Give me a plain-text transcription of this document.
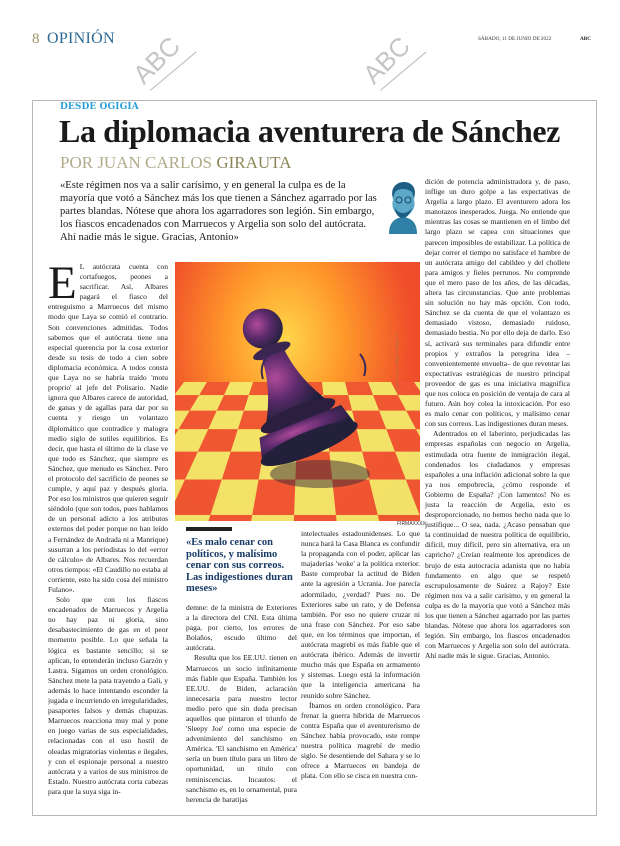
8 OPINIÓN	SÁBADO, 11 DE JUNIO DE 2022	ABC
DESDE OGIGIA
La diplomacia aventurera de Sánchez
POR JUAN CARLOS GIRAUTA
«Este régimen nos va a salir carísimo, y en general la culpa es de la mayoría que votó a Sánchez más los que tienen a Sánchez agarrado por las partes blandas. Nótese que ahora los agarradores son legión. Sin embargo, los fiascos encadenados con Marruecos y Argelia son solo del autócrata. Ahí nadie más le sigue. Gracias, Antonio»
E L autócrata cuenta con cortafuegos, peones a sacrificar. Así, Albares pagará el fiasco del entreguismo a Marruecos del mismo modo que Laya se comió el contrario. Son convenciones admitidas. Todos sabemos que el autócrata tiene una especial querencia por la cosa exterior desde su tesis de todo a cien sobre diplomacia económica. A todos consta que Laya no se habría traído 'motu proprio' al jefe del Polisario. Nadie ignora que Albares carece de autoridad, de ganas y de agallas para dar por su cuenta y riesgo un volantazo diplomático que contradice y malogra medio siglo de sutiles equilibrios. Es decir, que hasta el último de la clase ve que todo es Sánchez, que siempre es Sánchez, que menudo es Sánchez. Pero el protocolo del sacrificio de peones se cumple, y aquí paz y después gloria. Por eso los ministros que quieren seguir siéndolo (que son todos, pues hablamos de un personal adicto a los atributos externos del poder porque no han leído a Fernández de Andrada ni a Manrique) susurran a los periodistas lo del «error de cálculo» de Albares. Nos recuerdan otros tiempos: «El Caudillo no estaba al corriente, esto ha sido cosa del ministro Fulano».

Solo que con los fiascos encadenados de Marruecos y Argelia no hay paz ni gloria, sino desabastecimiento de gas en el peor momento posible. Lo que señala la lógica es bastante sencillo; si se aplican, lo entenderán incluso Garzón y Lastra. Sigamos un orden cronológico. Sánchez mete la pata trayendo a Gali, y además lo hace intentando esconder la jugada e incurriendo en irregularidades, pasaportes falsos y demás chapuzas. Marruecos reacciona muy mal y pone en juego varias de sus especialidades, relacionadas con el uso hostil de oleadas migratorias violentas e ilegales, y con el espionaje personal a nuestro autócrata y a varios de sus ministros de Estado. Nuestro autócrata corta cabezas para que la suya siga in-

FIRMAXXXX
«Es malo cenar con políticos, y malísimo cenar con sus correos. Las indigestiones duran meses»

demne: de la ministra de Exteriores a la directora del CNI. Esta última paga, por cierto, los errores de Bolaños, escudo último del autócrata.

Resulta que los EE.UU. tienen en Marruecos un socio infinitamente más fiable que España. También los EE.UU. de Biden, aclaración innecesaria para nuestro lector medio pero que sin duda precisan aquellos que pintaron el triunfo de 'Sleepy Joe' como una especie de advenimiento del sanchismo en América. 'El sanchismo en América' sería un buen título para un libro de oportunidad, un título con reminiscencias. Incautos: el sanchismo es, en lo ornamental, pura herencia de baratijas

intelectuales estadounidenses. Lo que nunca hará la Casa Blanca es confundir la propaganda con el poder, aplicar las majaderías 'woke' a la política exterior. Baste comprobar la actitud de Biden ante la agresión a Ucrania. Joe parecía adormilado, ¿verdad? Pues no. De Exteriores sabe un rato, y de Defensa también. Por eso no quiere cruzar ni una frase con Sánchez. Por eso sabe que, en los términos que importan, el autócrata magrebí es más fiable que el autócrata ibérico. Además de invertir mucho más que España en armamento y sistemas. Luego está la información que la inteligencia americana ha reunido sobre Sánchez.

Íbamos en orden cronológico. Para frenar la guerra híbrida de Marruecos contra España que el aventurerismo de Sánchez había provocado, este rompe nuestra política magrebí de medio siglo. Se desentiende del Sahara y se lo ofrece a Marruecos en bandeja de plata. Con ello se cisca en nuestra con-

dición de potencia administradora y, de paso, inflige un duro golpe a las expectativas de Argelia a largo plazo. El aventurero adora los manotazos inesperados. Juega. No entiende que mientras las cosas se mantienen en el limbo del largo plazo se capea con situaciones que parecen imposibles de estabilizar. La política de dejar correr el tiempo no satisface el hambre de un autócrata amigo del cabildeo y del chollete para amigos y fieles perrunos. No comprende que el mero paso de los años, de las décadas, altera las circunstancias. Que ante problemas sin solución no hay más opción. Con todo, Sánchez se da cuenta de que el volantazo es demasiado vistoso, demasiado ruidoso, demasiado bestia. No por ello deja de darlo. Eso sí, activará sus terminales para difundir entre propios y extraños la peregrina idea –convenientemente envuelta– de que reventar las expectativas estratégicas de nuestro principal proveedor de gas es una iniciativa magnífica que nos coloca en posición de ventaja de cara al futuro. Aún hoy colea la intoxicación. Por eso es malo cenar con políticos, y malísimo cenar con sus correos. Las indigestiones duran meses.

Adentrados en el laberinto, perjudicadas las empresas españolas con negocio en Argelia, estimulada otra fuente de inmigración ilegal, condenados los ciudadanos y empresas españoles a una inflación adicional sobre la que ya nos empobrecía, ¿cómo responde el Gobierno de España? ¡Con lamentos! No es justa la reacción de Argelia, esto es desproporcionado, no hemos hecho nada que lo justifique... O sea, nada. ¿Acaso pensaban que la continuidad de nuestra política de equilibrio, difícil, muy difícil, pero sin alternativa, era un capricho? ¿Creían realmente los aprendices de brujo de esta autocracia adanista que no había fundamento en algo que se respetó escrupulosamente de Suárez a Rajoy? Este régimen nos va a salir carísimo, y en general la culpa es de la mayoría que votó a Sánchez más los que tienen a Sánchez agarrado por las partes blandas. Nótese que ahora los agarradores son legión. Sin embargo, los fiascos encadenados con Marruecos y Argelia son solo del autócrata. Ahí nadie más le sigue. Gracias, Antonio.

ABC	ABC
